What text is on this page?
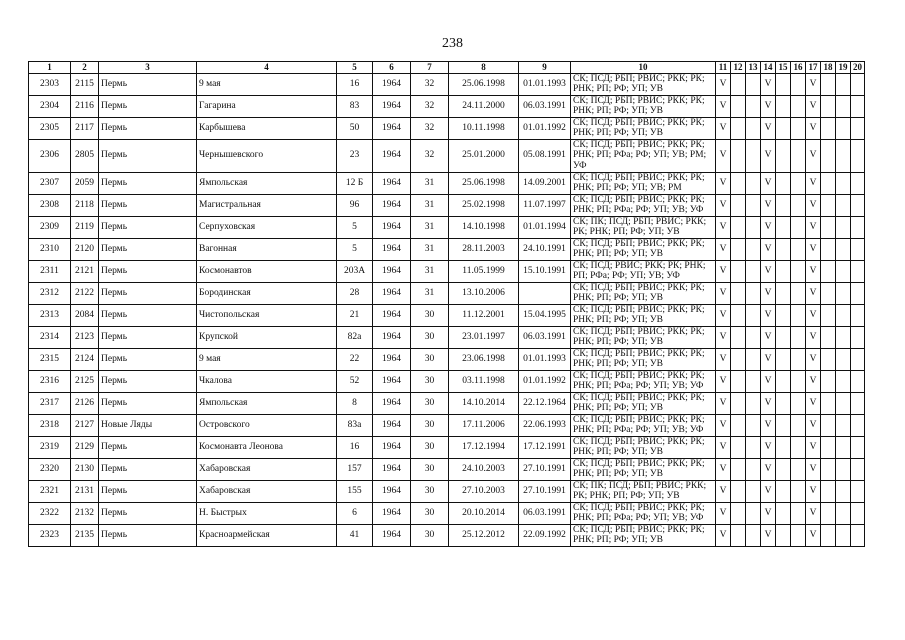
238
1	2	3	4	5	6	7	8	9	10	11	12	13	14	15	16	17	18	19	20
2303	2115	Пермь	9 мая	16	1964	32	25.06.1998	01.01.1993	СК; ПСД; РБП; РВИС; РКК; РК; РНК; РП; РФ; УП; УВ	V			V			V			
2304	2116	Пермь	Гагарина	83	1964	32	24.11.2000	06.03.1991	СК; ПСД; РБП; РВИС; РКК; РК; РНК; РП; РФ; УП; УВ	V			V			V			
2305	2117	Пермь	Карбышева	50	1964	32	10.11.1998	01.01.1992	СК; ПСД; РБП; РВИС; РКК; РК; РНК; РП; РФ; УП; УВ	V			V			V			
2306	2805	Пермь	Чернышевского	23	1964	32	25.01.2000	05.08.1991	СК; ПСД; РБП; РВИС; РКК; РК; РНК; РП; РФа; РФ; УП; УВ; РМ; УФ	V			V			V			
2307	2059	Пермь	Ямпольская	12 Б	1964	31	25.06.1998	14.09.2001	СК; ПСД; РБП; РВИС; РКК; РК; РНК; РП; РФ; УП; УВ; РМ	V			V			V			
2308	2118	Пермь	Магистральная	96	1964	31	25.02.1998	11.07.1997	СК; ПСД; РБП; РВИС; РКК; РК; РНК; РП; РФа; РФ; УП; УВ; УФ	V			V			V			
2309	2119	Пермь	Серпуховская	5	1964	31	14.10.1998	01.01.1994	СК; ПК; ПСД; РБП; РВИС; РКК; РК; РНК; РП; РФ; УП; УВ	V			V			V			
2310	2120	Пермь	Вагонная	5	1964	31	28.11.2003	24.10.1991	СК; ПСД; РБП; РВИС; РКК; РК; РНК; РП; РФ; УП; УВ	V			V			V			
2311	2121	Пермь	Космонавтов	203А	1964	31	11.05.1999	15.10.1991	СК; ПСД; РВИС; РКК; РК; РНК; РП; РФа; РФ; УП; УВ; УФ	V			V			V			
2312	2122	Пермь	Бородинская	28	1964	31	13.10.2006		СК; ПСД; РБП; РВИС; РКК; РК; РНК; РП; РФ; УП; УВ	V			V			V			
2313	2084	Пермь	Чистопольская	21	1964	30	11.12.2001	15.04.1995	СК; ПСД; РБП; РВИС; РКК; РК; РНК; РП; РФ; УП; УВ	V			V			V			
2314	2123	Пермь	Крупской	82а	1964	30	23.01.1997	06.03.1991	СК; ПСД; РБП; РВИС; РКК; РК; РНК; РП; РФ; УП; УВ	V			V			V			
2315	2124	Пермь	9 мая	22	1964	30	23.06.1998	01.01.1993	СК; ПСД; РБП; РВИС; РКК; РК; РНК; РП; РФ; УП; УВ	V			V			V			
2316	2125	Пермь	Чкалова	52	1964	30	03.11.1998	01.01.1992	СК; ПСД; РБП; РВИС; РКК; РК; РНК; РП; РФа; РФ; УП; УВ; УФ	V			V			V			
2317	2126	Пермь	Ямпольская	8	1964	30	14.10.2014	22.12.1964	СК; ПСД; РБП; РВИС; РКК; РК; РНК; РП; РФ; УП; УВ	V			V			V			
2318	2127	Новые Ляды	Островского	83а	1964	30	17.11.2006	22.06.1993	СК; ПСД; РБП; РВИС; РКК; РК; РНК; РП; РФа; РФ; УП; УВ; УФ	V			V			V			
2319	2129	Пермь	Космонавта Леонова	16	1964	30	17.12.1994	17.12.1991	СК; ПСД; РБП; РВИС; РКК; РК; РНК; РП; РФ; УП; УВ	V			V			V			
2320	2130	Пермь	Хабаровская	157	1964	30	24.10.2003	27.10.1991	СК; ПСД; РБП; РВИС; РКК; РК; РНК; РП; РФ; УП; УВ	V			V			V			
2321	2131	Пермь	Хабаровская	155	1964	30	27.10.2003	27.10.1991	СК; ПК; ПСД; РБП; РВИС; РКК; РК; РНК; РП; РФ; УП; УВ	V			V			V			
2322	2132	Пермь	Н. Быстрых	6	1964	30	20.10.2014	06.03.1991	СК; ПСД; РБП; РВИС; РКК; РК; РНК; РП; РФа; РФ; УП; УВ; УФ	V			V			V			
2323	2135	Пермь	Красноармейская	41	1964	30	25.12.2012	22.09.1992	СК; ПСД; РБП; РВИС; РКК; РК; РНК; РП; РФ; УП; УВ	V			V			V			
